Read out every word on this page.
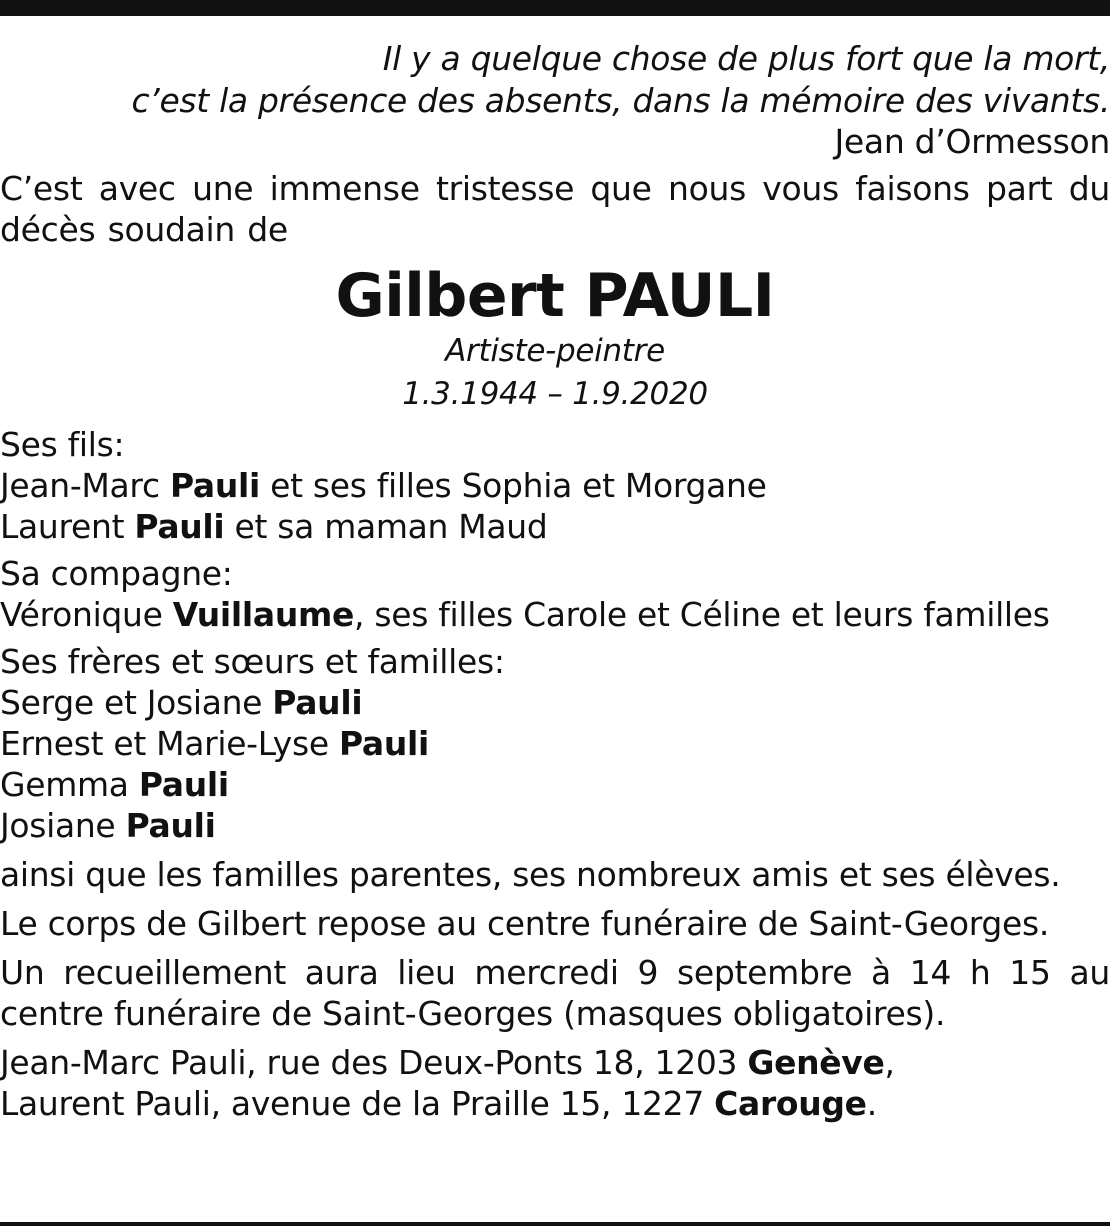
Il y a quelque chose de plus fort que la mort,
c’est la présence des absents, dans la mémoire des vivants.
Jean d’Ormesson
C’est avec une immense tristesse que nous vous faisons part du décès soudain de
Gilbert PAULI
Artiste-peintre
1.3.1944 – 1.9.2020
Ses fils:
Jean-Marc Pauli et ses filles Sophia et Morgane
Laurent Pauli et sa maman Maud
Sa compagne:
Véronique Vuillaume, ses filles Carole et Céline et leurs familles
Ses frères et sœurs et familles:
Serge et Josiane Pauli
Ernest et Marie-Lyse Pauli
Gemma Pauli
Josiane Pauli
ainsi que les familles parentes, ses nombreux amis et ses élèves.
Le corps de Gilbert repose au centre funéraire de Saint-Georges.
Un recueillement aura lieu mercredi 9 septembre à 14 h 15 au centre funéraire de Saint-Georges (masques obligatoires).
Jean-Marc Pauli, rue des Deux-Ponts 18, 1203 Genève,
Laurent Pauli, avenue de la Praille 15, 1227 Carouge.
